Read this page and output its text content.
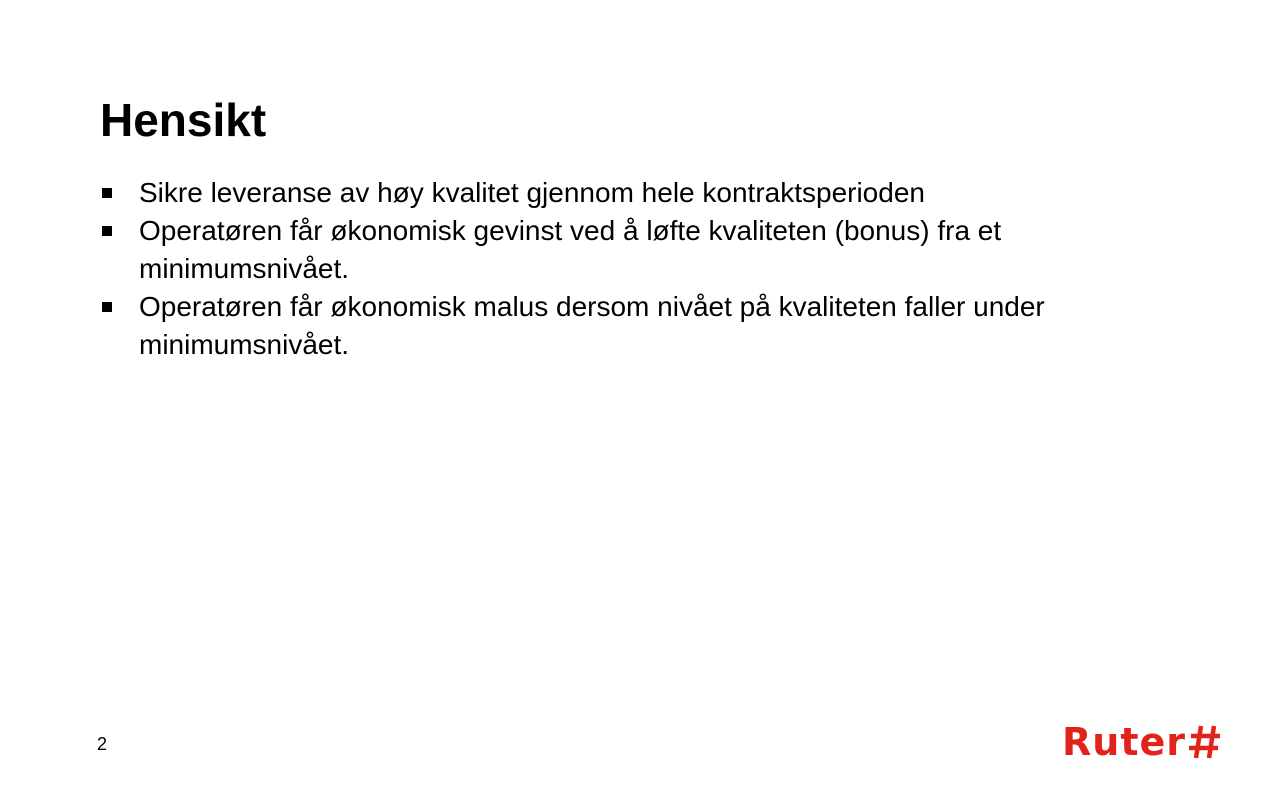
Hensikt
Sikre leveranse av høy kvalitet gjennom hele kontraktsperioden
Operatøren får økonomisk gevinst ved å løfte kvaliteten (bonus) fra et minimumsnivået.
Operatøren får økonomisk malus dersom nivået på kvaliteten faller under minimumsnivået.
2	Ruter
